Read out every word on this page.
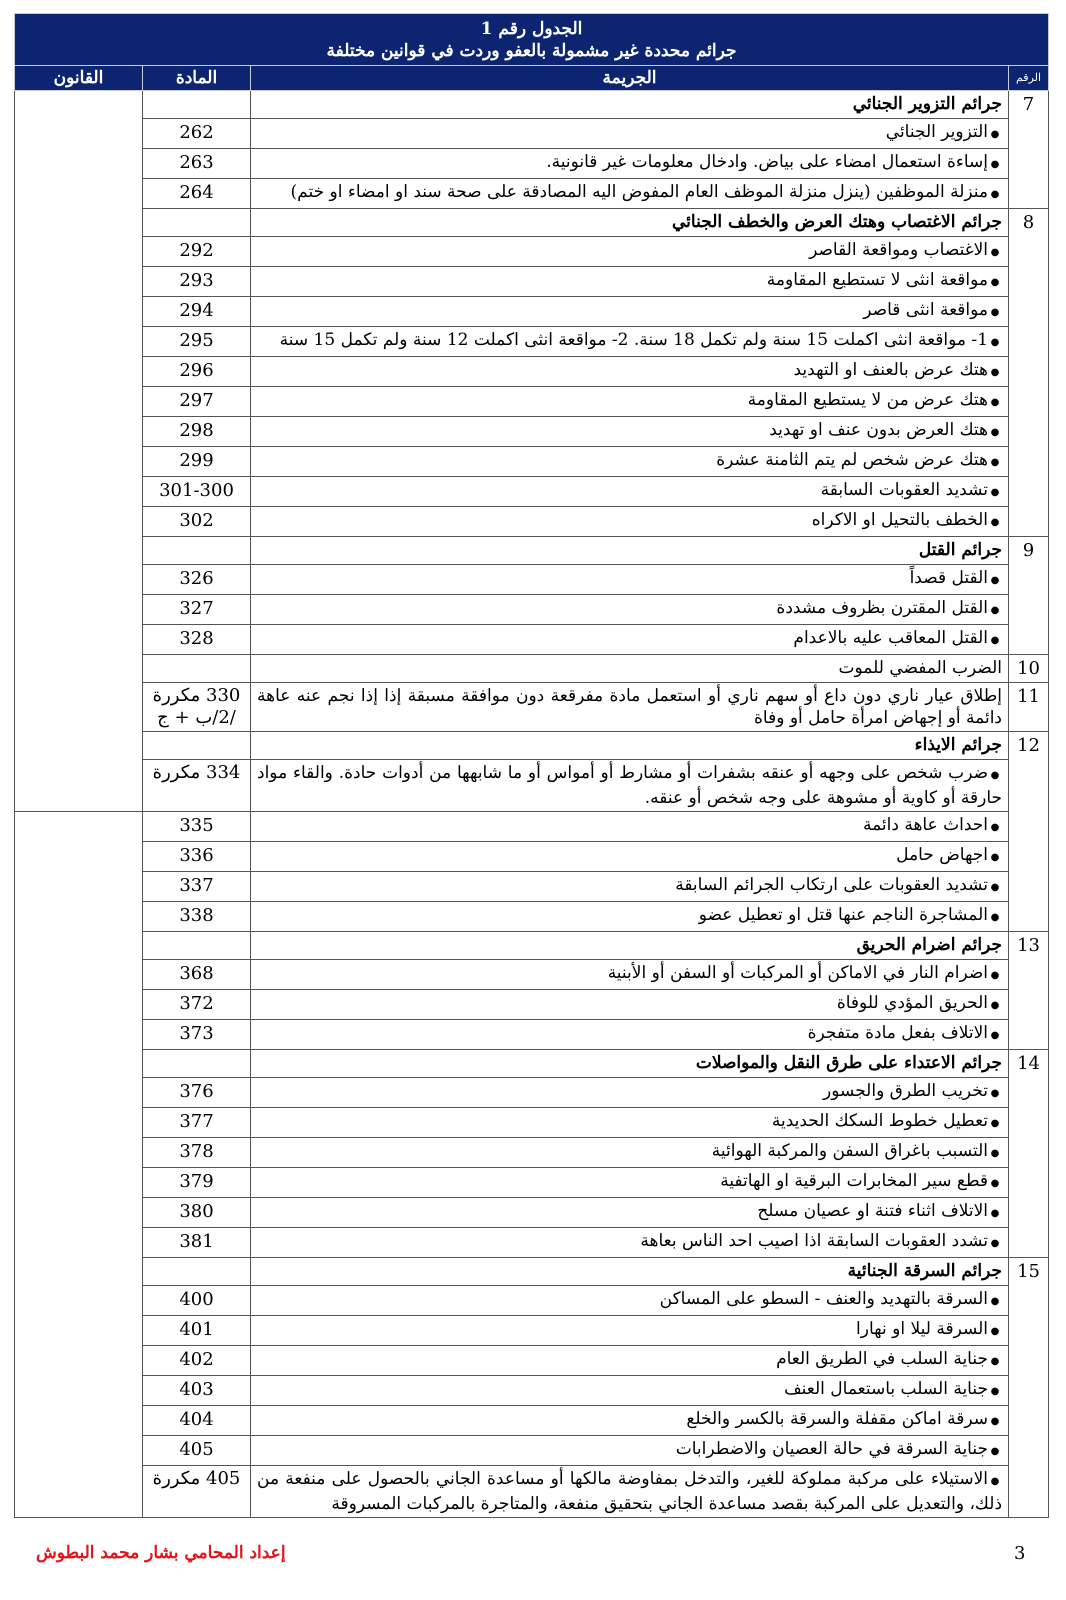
الجدول رقم 1
جرائم محددة غير مشمولة بالعفو وردت في قوانين مختلفة			

الرقم	الجريمة	المادة	القانون
7	جرائم التزوير الجنائي		
	●التزوير الجنائي	262	
	●إساءة استعمال امضاء على بياض. وادخال معلومات غير قانونية.	263	
	●منزلة الموظفين (ينزل منزلة الموظف العام المفوض اليه المصادقة على صحة سند او امضاء او ختم)	264	
8	جرائم الاغتصاب وهتك العرض والخطف الجنائي		
	●الاغتصاب ومواقعة القاصر	292	
	●مواقعة انثى لا تستطيع المقاومة	293	
	●مواقعة انثى قاصر	294	
	●1- مواقعة انثى اكملت 15 سنة ولم تكمل 18 سنة. 2- مواقعة انثى اكملت 12 سنة ولم تكمل 15 سنة	295	
	●هتك عرض بالعنف او التهديد	296	
	●هتك عرض من لا يستطيع المقاومة	297	
	●هتك العرض بدون عنف او تهديد	298	
	●هتك عرض شخص لم يتم الثامنة عشرة	299	
	●تشديد العقوبات السابقة	301-300	
	●الخطف بالتحيل او الاكراه	302	
9	جرائم القتل		
	●القتل قصداً	326	
	●القتل المقترن بظروف مشددة	327	
	●القتل المعاقب عليه بالاعدام	328	
10	الضرب المفضي للموت		
11	إطلاق عيار ناري دون داع أو سهم ناري أو استعمل مادة مفرقعة دون موافقة مسبقة إذا إذا نجم عنه عاهة دائمة أو إجهاض امرأة حامل أو وفاة	330 مكررة /2/ب + ج	
12	جرائم الايذاء		
	●ضرب شخص على وجهه أو عنقه بشفرات أو مشارط أو أمواس أو ما شابهها من أدوات حادة. والقاء مواد حارقة أو كاوية أو مشوهة على وجه شخص أو عنقه.	334 مكررة	
	●احداث عاهة دائمة	335	
	●اجهاض حامل	336	
	●تشديد العقوبات على ارتكاب الجرائم السابقة	337	
	●المشاجرة الناجم عنها قتل او تعطيل عضو	338	
13	جرائم اضرام الحريق		
	●اضرام النار في الاماكن أو المركبات أو السفن أو الأبنية	368	
	●الحريق المؤدي للوفاة	372	
	●الاتلاف بفعل مادة متفجرة	373	
14	جرائم الاعتداء على طرق النقل والمواصلات		
	●تخريب الطرق والجسور	376	
	●تعطيل خطوط السكك الحديدية	377	
	●التسبب باغراق السفن والمركبة الهوائية	378	
	●قطع سير المخابرات البرقية او الهاتفية	379	
	●الاتلاف اثناء فتنة او عصيان مسلح	380	
	●تشدد العقوبات السابقة اذا اصيب احد الناس بعاهة	381	
15	جرائم السرقة الجنائية		
	●السرقة بالتهديد والعنف - السطو على المساكن	400	
	●السرقة ليلا او نهارا	401	
	●جناية السلب في الطريق العام	402	
	●جناية السلب باستعمال العنف	403	
	●سرقة اماكن مقفلة والسرقة بالكسر والخلع	404	
	●جناية السرقة في حالة العصيان والاضطرابات	405	
	●الاستيلاء على مركبة مملوكة للغير، والتدخل بمفاوضة مالكها أو مساعدة الجاني بالحصول على منفعة من ذلك، والتعديل على المركبة بقصد مساعدة الجاني بتحقيق منفعة، والمتاجرة بالمركبات المسروقة	405 مكررة	
إعداد المحامي بشار محمد البطوش	3
